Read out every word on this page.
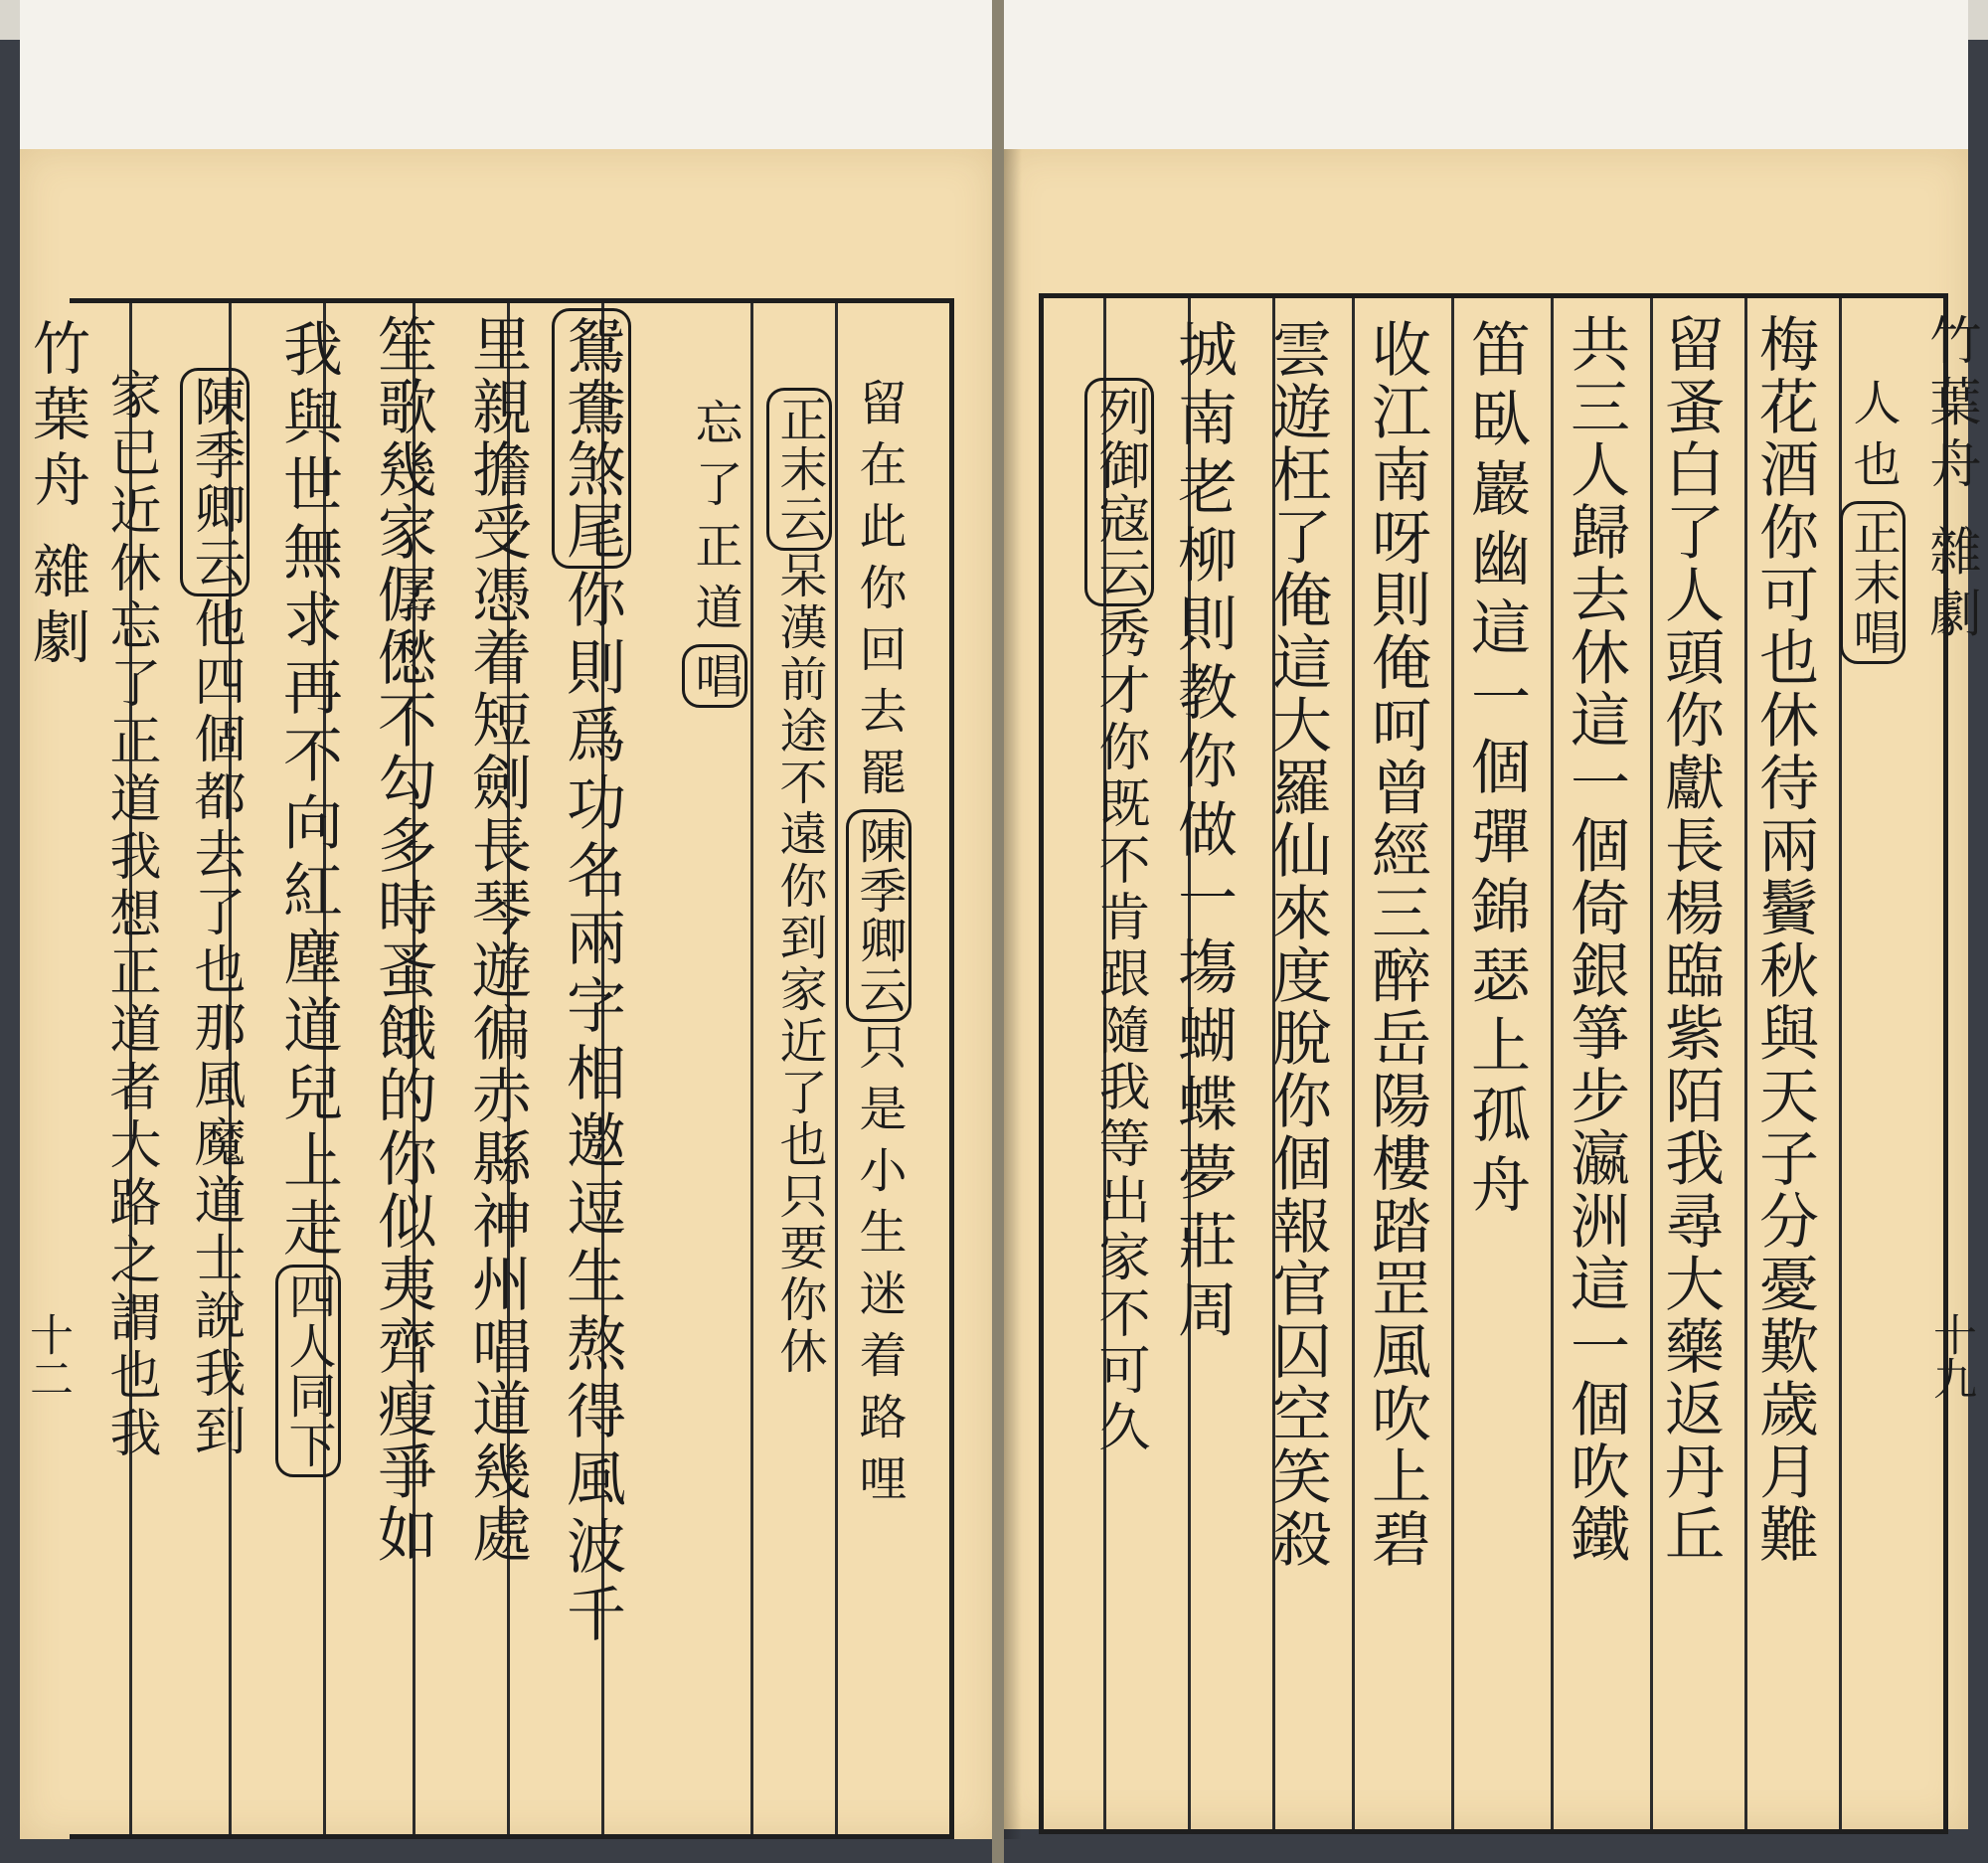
竹葉舟 雜劇
十二
留在此你回去罷陳季卿云只是小生迷着路哩
正末云呆漢前途不遠你到家近了也只要你休
忘了正道唱
鴛鴦煞尾你則爲功名兩字相邀逗生熬得風波千
里親擔受憑着短劍長琴遊徧赤縣神州唱道幾處
笙歌幾家僝僽不勾多時蚤餓的你似夷齊瘦爭如
我與世無求再不向紅塵道兒上走四人同下
陳季卿云他四個都去了也那風魔道士說我到
家已近休忘了正道我想正道者大路之謂也我	竹葉舟 雜劇
十九
人也正末唱
梅花酒你可也休待兩鬢秋與天子分憂歎歲月難
留蚤白了人頭你獻長楊臨紫陌我尋大藥返丹丘
共三人歸去休這一個倚銀箏步瀛洲這一個吹鐵
笛臥巖幽這一個彈錦瑟上孤舟
收江南呀則俺呵曾經三醉岳陽樓踏罡風吹上碧
雲遊枉了俺這大羅仙來度脫你個報官囚空笑殺
城南老柳則教你做一塲蝴蝶夢莊周
列御寇云秀才你既不肯跟隨我等出家不可久
